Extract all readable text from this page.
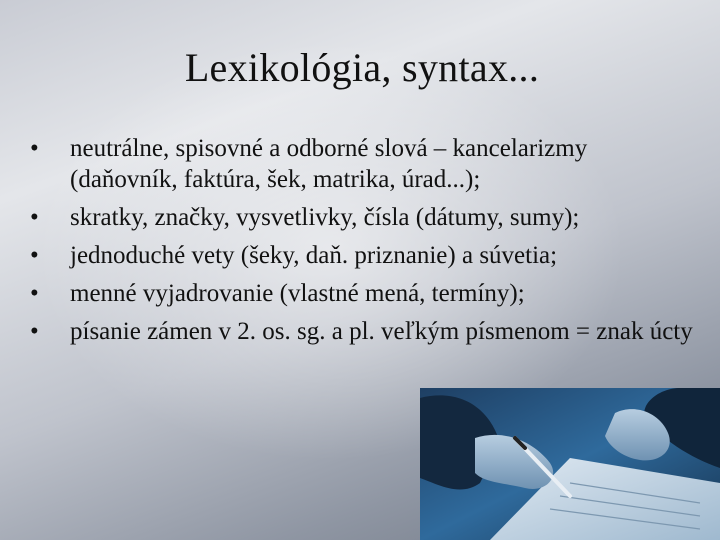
Lexikológia, syntax...
•	neutrálne, spisovné a odborné slová – kancelarizmy (daňovník, faktúra, šek, matrika, úrad...);
•	skratky, značky, vysvetlivky, čísla (dátumy, sumy);
•	jednoduché vety (šeky, daň. priznanie) a súvetia;
•	menné vyjadrovanie (vlastné mená, termíny);
•	písanie zámen v 2. os. sg. a pl. veľkým písmenom = znak úcty
